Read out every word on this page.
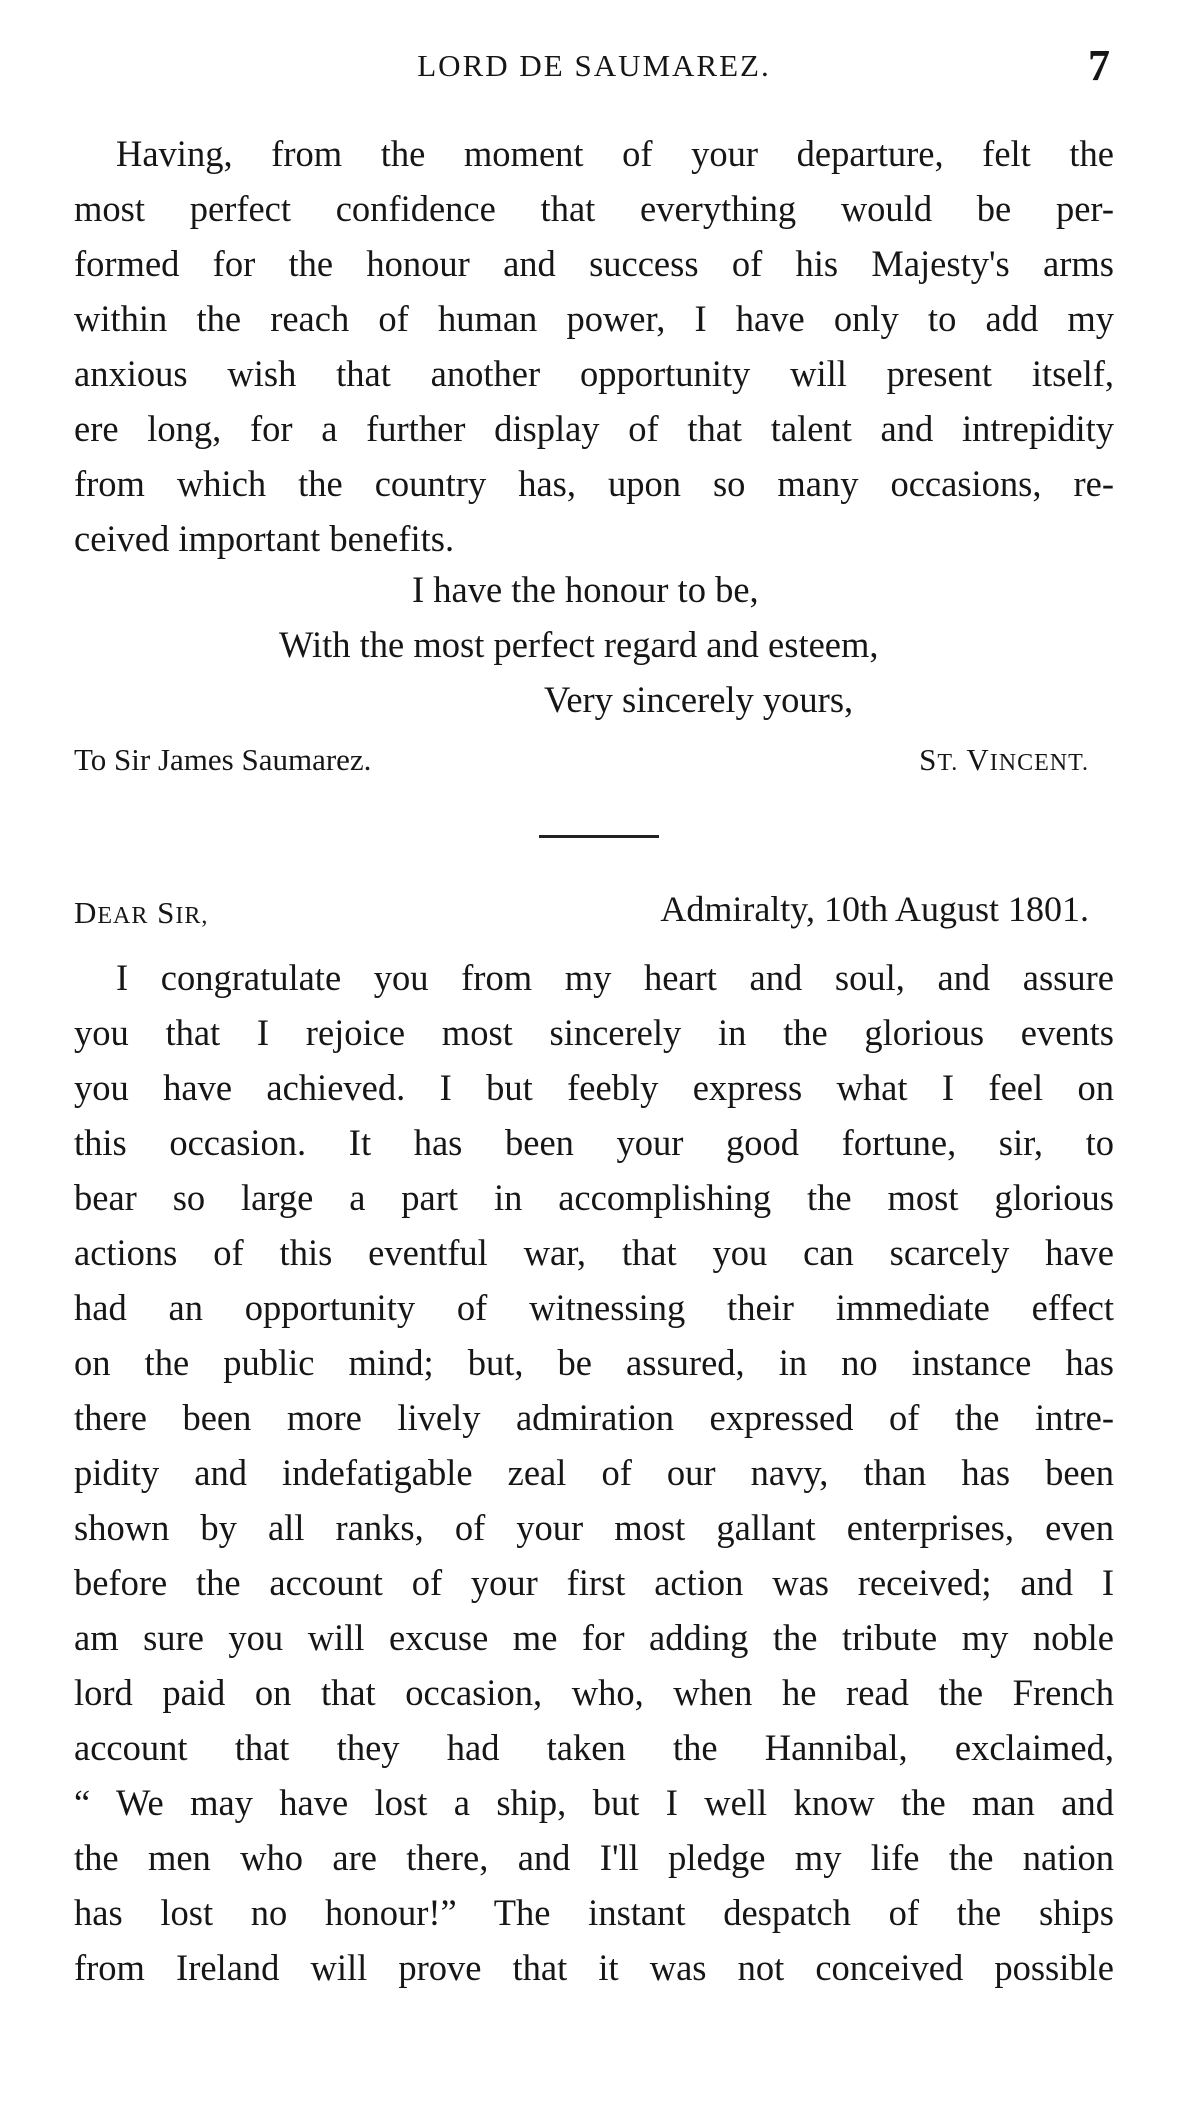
LORD DE SAUMAREZ.	7
Having, from the moment of your departure, felt the
most perfect confidence that everything would be per-
formed for the honour and success of his Majesty's arms
within the reach of human power, I have only to add my
anxious wish that another opportunity will present itself,
ere long, for a further display of that talent and intrepidity
from which the country has, upon so many occasions, re-
ceived important benefits.
I have the honour to be,
With the most perfect regard and esteem,
Very sincerely yours,
To Sir James Saumarez.	ST. VINCENT.
DEAR SIR,	Admiralty, 10th August 1801.
I congratulate you from my heart and soul, and assure
you that I rejoice most sincerely in the glorious events
you have achieved. I but feebly express what I feel on
this occasion. It has been your good fortune, sir, to
bear so large a part in accomplishing the most glorious
actions of this eventful war, that you can scarcely have
had an opportunity of witnessing their immediate effect
on the public mind; but, be assured, in no instance has
there been more lively admiration expressed of the intre-
pidity and indefatigable zeal of our navy, than has been
shown by all ranks, of your most gallant enterprises, even
before the account of your first action was received; and I
am sure you will excuse me for adding the tribute my noble
lord paid on that occasion, who, when he read the French
account that they had taken the Hannibal, exclaimed,
“ We may have lost a ship, but I well know the man and
the men who are there, and I'll pledge my life the nation
has lost no honour!” The instant despatch of the ships
from Ireland will prove that it was not conceived possible
